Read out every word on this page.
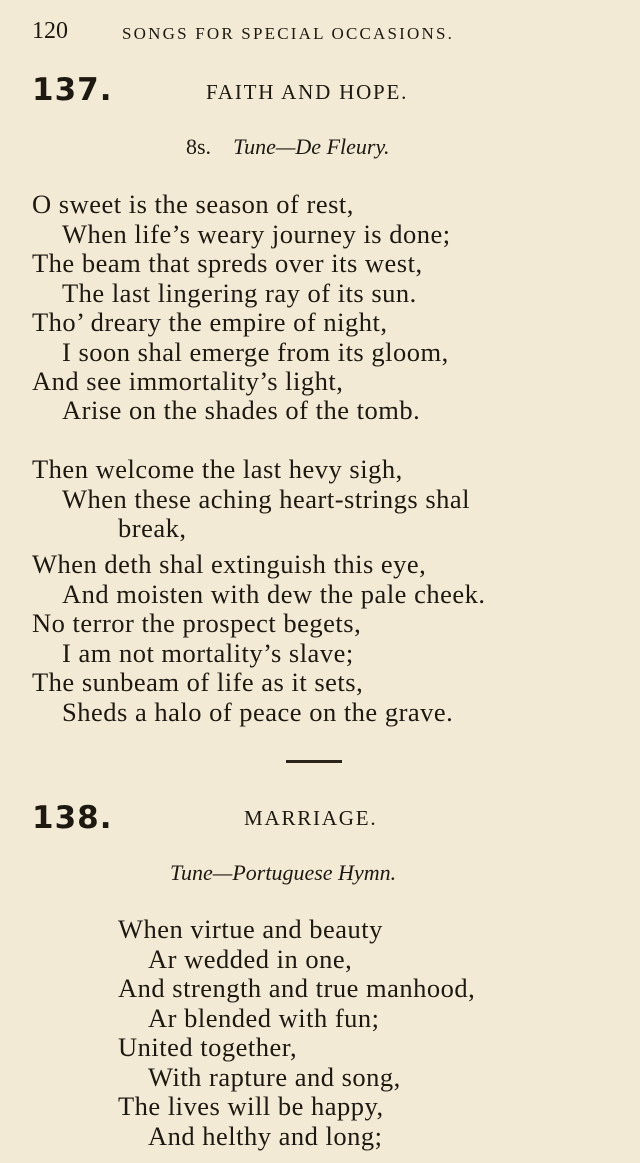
120	SONGS FOR SPECIAL OCCASIONS.
137.	FAITH AND HOPE.
8s. Tune—De Fleury.
O sweet is the season of rest,
When life’s weary journey is done;
The beam that spreds over its west,
The last lingering ray of its sun.
Tho’ dreary the empire of night,
I soon shal emerge from its gloom,
And see immortality’s light,
Arise on the shades of the tomb.
Then welcome the last hevy sigh,
When these aching heart-strings shal
break,
When deth shal extinguish this eye,
And moisten with dew the pale cheek.
No terror the prospect begets,
I am not mortality’s slave;
The sunbeam of life as it sets,
Sheds a halo of peace on the grave.
138.	MARRIAGE.
Tune—Portuguese Hymn.
When virtue and beauty
Ar wedded in one,
And strength and true manhood,
Ar blended with fun;
United together,
With rapture and song,
The lives will be happy,
And helthy and long;
